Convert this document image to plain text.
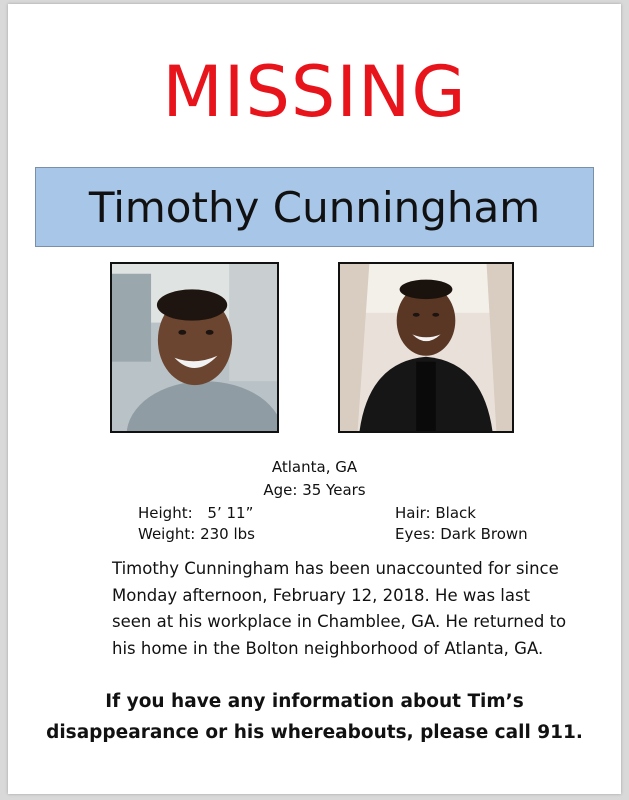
MISSING
Timothy Cunningham
Atlanta, GA
Age: 35 Years
Height: 5’ 11”
Weight: 230 lbs
Hair: Black
Eyes: Dark Brown
Timothy Cunningham has been unaccounted for since
Monday afternoon, February 12, 2018. He was last
seen at his workplace in Chamblee, GA. He returned to
his home in the Bolton neighborhood of Atlanta, GA.
If you have any information about Tim’s
disappearance or his whereabouts, please call 911.
